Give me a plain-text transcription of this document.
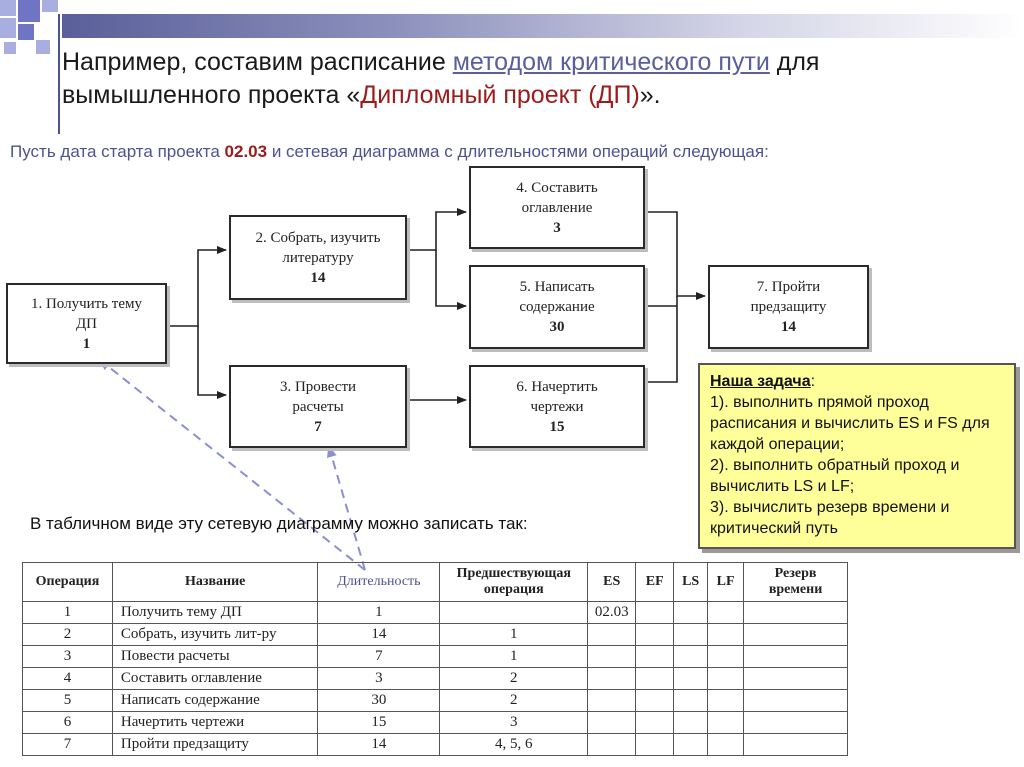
Например, составим расписание методом критического пути для вымышленного проекта «Дипломный проект (ДП)».
Пусть дата старта проекта 02.03 и сетевая диаграмма с длительностями операций следующая:
1. Получить тему
ДП
1
2. Собрать, изучить
литературу
14
3. Провести
расчеты
7
4. Составить
оглавление
3
5. Написать
содержание
30
6. Начертить
чертежи
15
7. Пройти
предзащиту
14
Наша задача:
1). выполнить прямой проход расписания и вычислить ES и FS для каждой операции;
2). выполнить обратный проход и вычислить LS и LF;
3). вычислить резерв времени и критический путь
В табличном виде эту сетевую диаграмму можно записать так:
Операция	Название	Длительность	Предшествующая операция	ES	EF	LS	LF	Резерв времени
1	Получить тему ДП	1		02.03				
2	Собрать, изучить лит-ру	14	1					
3	Повести расчеты	7	1					
4	Составить оглавление	3	2					
5	Написать содержание	30	2					
6	Начертить чертежи	15	3					
7	Пройти предзащиту	14	4, 5, 6					
